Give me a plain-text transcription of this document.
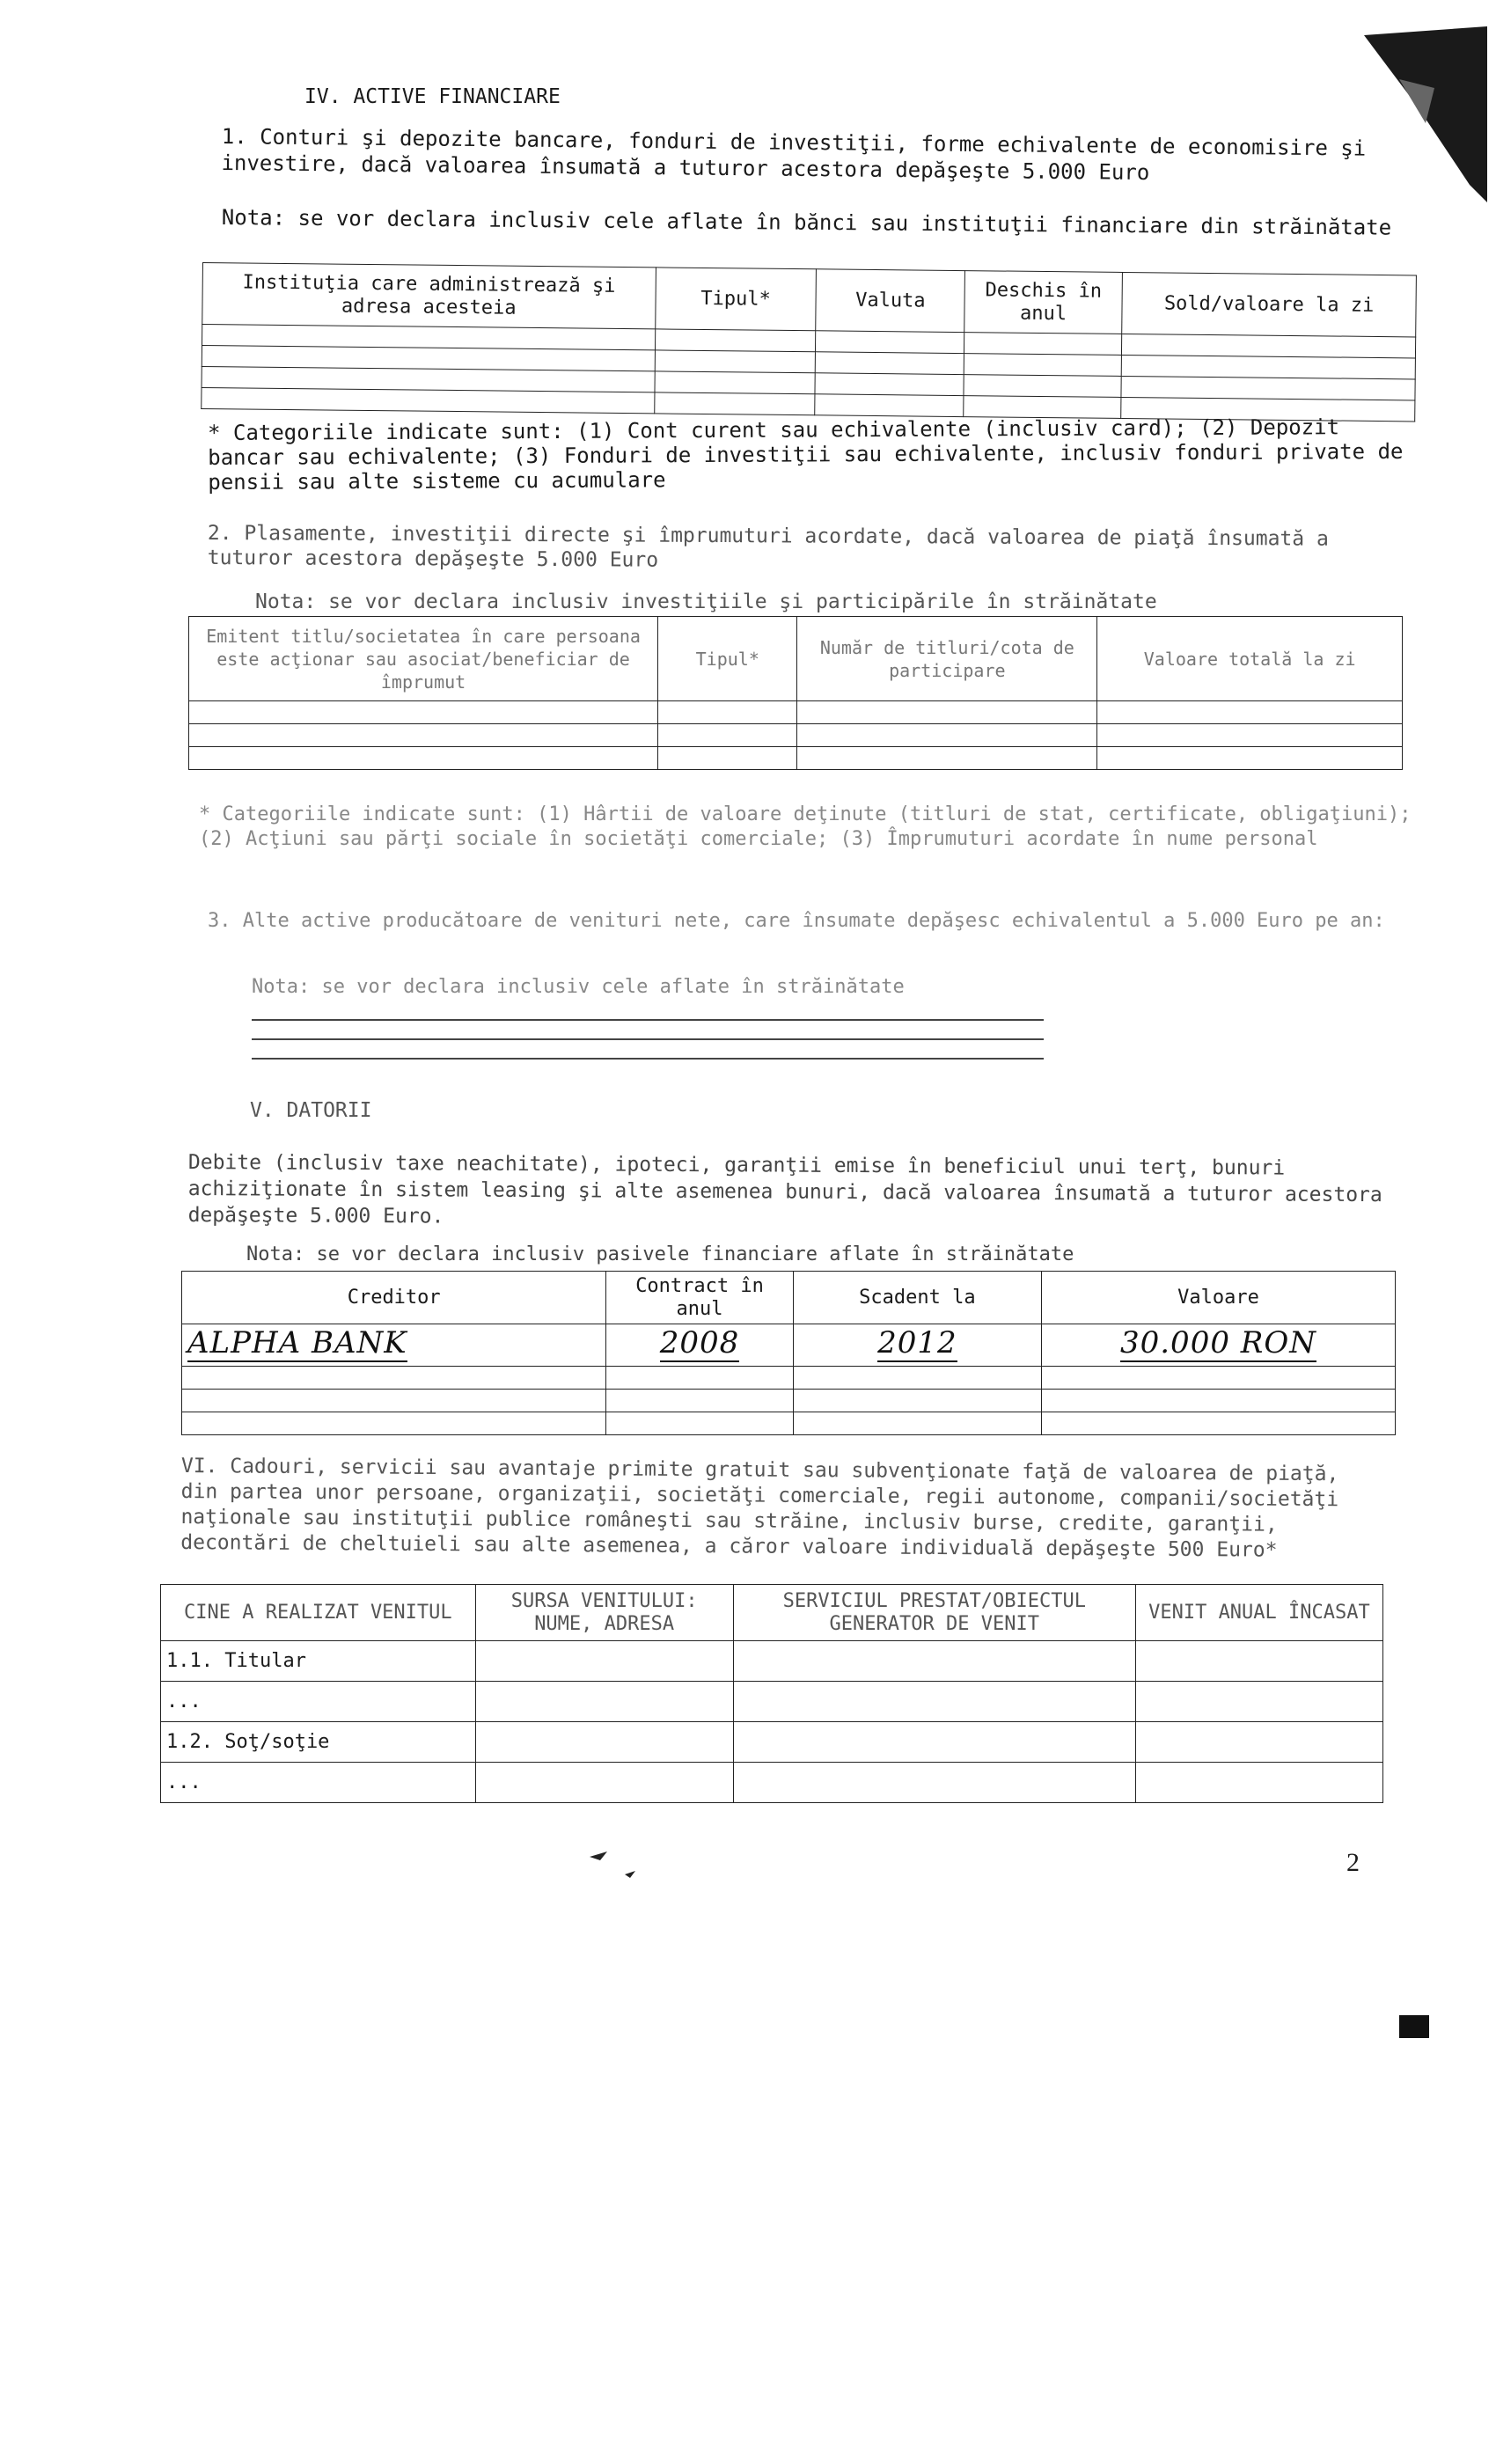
IV. ACTIVE FINANCIARE
1. Conturi şi depozite bancare, fonduri de investiţii, forme echivalente de economisire şi investire, dacă valoarea însumată a tuturor acestora depăşeşte 5.000 Euro
Nota: se vor declara inclusiv cele aflate în bănci sau instituţii financiare din străinătate
Instituţia care administrează şi adresa acesteia	Tipul*	Valuta	Deschis în anul	Sold/valoare la zi

* Categoriile indicate sunt: (1) Cont curent sau echivalente (inclusiv card); (2) Depozit bancar sau echivalente; (3) Fonduri de investiţii sau echivalente, inclusiv fonduri private de pensii sau alte sisteme cu acumulare
2. Plasamente, investiţii directe şi împrumuturi acordate, dacă valoarea de piaţă însumată a tuturor acestora depăşeşte 5.000 Euro
Nota: se vor declara inclusiv investiţiile şi participările în străinătate
Emitent titlu/societatea în care persoana este acţionar sau asociat/beneficiar de împrumut	Tipul*	Număr de titluri/cota de participare	Valoare totală la zi

* Categoriile indicate sunt: (1) Hârtii de valoare deţinute (titluri de stat, certificate, obligaţiuni); (2) Acţiuni sau părţi sociale în societăţi comerciale; (3) Împrumuturi acordate în nume personal
3. Alte active producătoare de venituri nete, care însumate depăşesc echivalentul a 5.000 Euro pe an:
Nota: se vor declara inclusiv cele aflate în străinătate
V. DATORII
Debite (inclusiv taxe neachitate), ipoteci, garanţii emise în beneficiul unui terţ, bunuri achiziţionate în sistem leasing şi alte asemenea bunuri, dacă valoarea însumată a tuturor acestora depăşeşte 5.000 Euro.
Nota: se vor declara inclusiv pasivele financiare aflate în străinătate
Creditor	Contract în anul	Scadent la	Valoare
ALPHA BANK	2008	2012	30.000 RON

VI. Cadouri, servicii sau avantaje primite gratuit sau subvenţionate faţă de valoarea de piaţă, din partea unor persoane, organizaţii, societăţi comerciale, regii autonome, companii/societăţi naţionale sau instituţii publice româneşti sau străine, inclusiv burse, credite, garanţii, decontări de cheltuieli sau alte asemenea, a căror valoare individuală depăşeşte 500 Euro*
CINE A REALIZAT VENITUL	SURSA VENITULUI: NUME, ADRESA	SERVICIUL PRESTAT/OBIECTUL GENERATOR DE VENIT	VENIT ANUAL ÎNCASAT
1.1. Titular			
...			
1.2. Soţ/soţie			
...			
2
